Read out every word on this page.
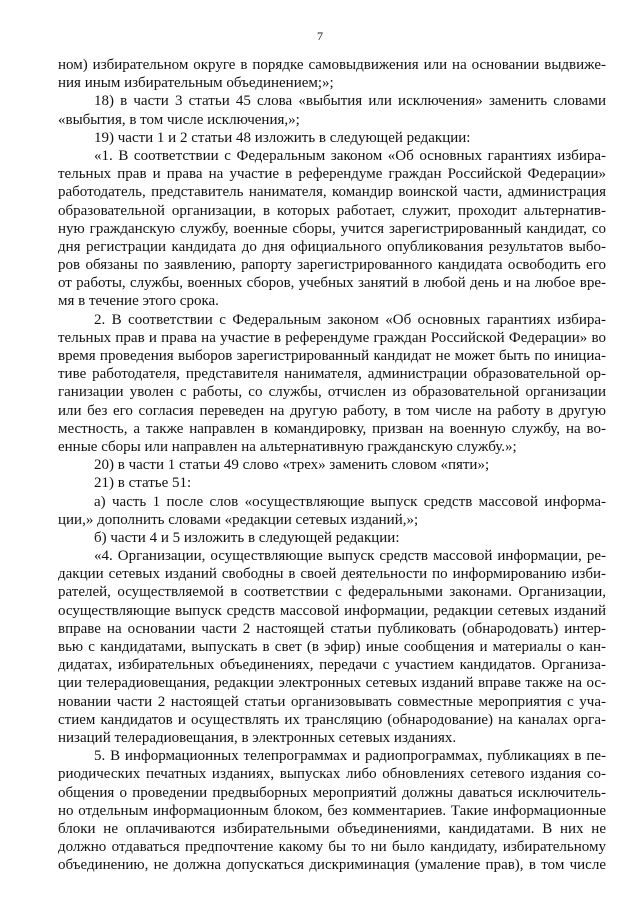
7
ном) избирательном округе в порядке самовыдвижения или на основании выдвиже-
ния иным избирательным объединением;»;
18) в части 3 статьи 45 слова «выбытия или исключения» заменить словами
«выбытия, в том числе исключения,»;
19) части 1 и 2 статьи 48 изложить в следующей редакции:
«1. В соответствии с Федеральным законом «Об основных гарантиях избира-
тельных прав и права на участие в референдуме граждан Российской Федерации»
работодатель, представитель нанимателя, командир воинской части, администрация
образовательной организации, в которых работает, служит, проходит альтернатив-
ную гражданскую службу, военные сборы, учится зарегистрированный кандидат, со
дня регистрации кандидата до дня официального опубликования результатов выбо-
ров обязаны по заявлению, рапорту зарегистрированного кандидата освободить его
от работы, службы, военных сборов, учебных занятий в любой день и на любое вре-
мя в течение этого срока.
2. В соответствии с Федеральным законом «Об основных гарантиях избира-
тельных прав и права на участие в референдуме граждан Российской Федерации» во
время проведения выборов зарегистрированный кандидат не может быть по инициа-
тиве работодателя, представителя нанимателя, администрации образовательной ор-
ганизации уволен с работы, со службы, отчислен из образовательной организации
или без его согласия переведен на другую работу, в том числе на работу в другую
местность, а также направлен в командировку, призван на военную службу, на во-
енные сборы или направлен на альтернативную гражданскую службу.»;
20) в части 1 статьи 49 слово «трех» заменить словом «пяти»;
21) в статье 51:
а) часть 1 после слов «осуществляющие выпуск средств массовой информа-
ции,» дополнить словами «редакции сетевых изданий,»;
б) части 4 и 5 изложить в следующей редакции:
«4. Организации, осуществляющие выпуск средств массовой информации, ре-
дакции сетевых изданий свободны в своей деятельности по информированию изби-
рателей, осуществляемой в соответствии с федеральными законами. Организации,
осуществляющие выпуск средств массовой информации, редакции сетевых изданий
вправе на основании части 2 настоящей статьи публиковать (обнародовать) интер-
вью с кандидатами, выпускать в свет (в эфир) иные сообщения и материалы о кан-
дидатах, избирательных объединениях, передачи с участием кандидатов. Организа-
ции телерадиовещания, редакции электронных сетевых изданий вправе также на ос-
новании части 2 настоящей статьи организовывать совместные мероприятия с уча-
стием кандидатов и осуществлять их трансляцию (обнародование) на каналах орга-
низаций телерадиовещания, в электронных сетевых изданиях.
5. В информационных телепрограммах и радиопрограммах, публикациях в пе-
риодических печатных изданиях, выпусках либо обновлениях сетевого издания со-
общения о проведении предвыборных мероприятий должны даваться исключитель-
но отдельным информационным блоком, без комментариев. Такие информационные
блоки не оплачиваются избирательными объединениями, кандидатами. В них не
должно отдаваться предпочтение какому бы то ни было кандидату, избирательному
объединению, не должна допускаться дискриминация (умаление прав), в том числе
